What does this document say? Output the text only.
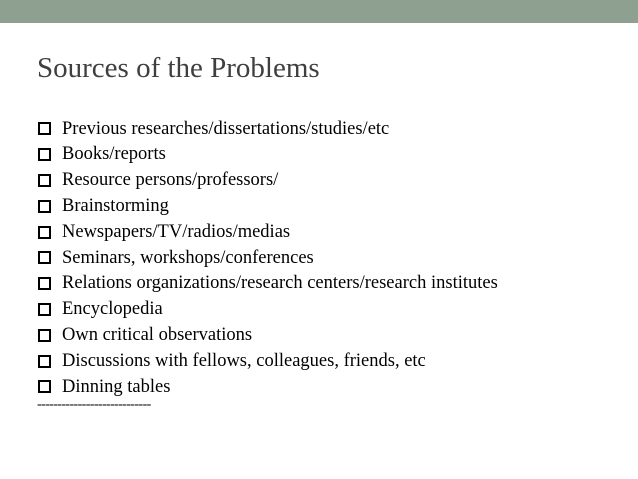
Sources of the Problems
Previous researches/dissertations/studies/etc
Books/reports
Resource persons/professors/
Brainstorming
Newspapers/TV/radios/medias
Seminars, workshops/conferences
Relations organizations/research centers/research institutes
Encyclopedia
Own critical observations
Discussions with fellows, colleagues, friends, etc
Dinning tables
----------------------------
